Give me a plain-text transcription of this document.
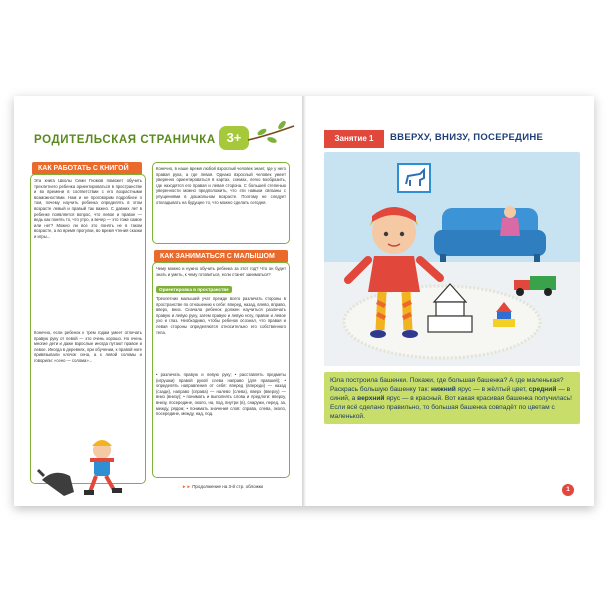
РОДИТЕЛЬСКАЯ СТРАНИЧКА 3+
КАК РАБОТАТЬ С КНИГОЙ
Эта книга Школы Семи Гномов поможет обучить трехлетнего ребенка ориентироваться в пространстве и во времени в соответствии с его возрастными возможностями. Нам и не проговорим подробнее о том, почему научить ребенка определять в этом возрасте левый и правый так важно. С давних лет в ребенке появляется вопрос, что левое и правое — ведь как понять то, что утро, а вечер — это тоже самое или нет? Можно ли все это понять не в таком возрасте, а во время прогулки, во время чтения сказки и игры...
Конечно, если ребенок к трем годам умеет отличать правую руку от левой — это очень хорошо. Но очень многие дети и даже взрослые иногда путают правое и левое. Иногда в деревнях, при обучении, к правой ноге привязывали клочок сена, а к левой соломы и говорили: «сено — солома»...
Конечно, в наше время любой взрослый человек знает, где у него правая рука, а где левая. Однако взрослый человек умеет уверенно ориентироваться в картах, схемах, легко вообразить, где находятся его правая и левая сторона. С большей степенью уверенности можно предположить, что эти навыки связаны с упущениями в дошкольном возрасте. Поэтому не следует откладывать на будущее то, что можно сделать сегодня.
КАК ЗАНИМАТЬСЯ С МАЛЫШОМ
Чему можно и нужно обучить ребенка за этот год? Что он будет знать и уметь, к чему готовиться, если станет заниматься?
Ориентировка в пространстве
Трехлетних малышей учат прежде всего различать стороны в пространстве по отношению к себе: вперед, назад, влево, вправо, вверх, вниз. Сначала ребенок должен научиться различать правую и левую руку, затем правую и левую ногу, правое и левое ухо и глаз. Необходимо, чтобы ребенок осознал, что правая и левая стороны определяются относительно его собственного тела.
• различать правую и левую руку; • расставлять предметы (игрушки) правой рукой слева направо (для правшей); • определять направления от себя: вперед (впереди) — назад (сзади), направо (справа) — налево (слева), вверх (вверху) — вниз (внизу); • понимать и выполнять слова и предлоги: вверху, внизу, посередине, около, на, под, внутри (в), снаружи, перед, за, между, рядом; • понимать значения слов: справа, слева, около, посередине, между, над, под.
►► Продолжение на 3-й стр. обложки
Занятие 1	ВВЕРХУ, ВНИЗУ, ПОСЕРЕДИНЕ
Юла построила башенки. Покажи, где большая башенка? А где маленькая? Раскрась большую башенку так: нижний ярус — в жёлтый цвет, средний — в синий, а верхний ярус — в красный. Вот какая красивая башенка получилась! Если всё сделано правильно, то большая башенка совпадёт по цветам с маленькой.
1
